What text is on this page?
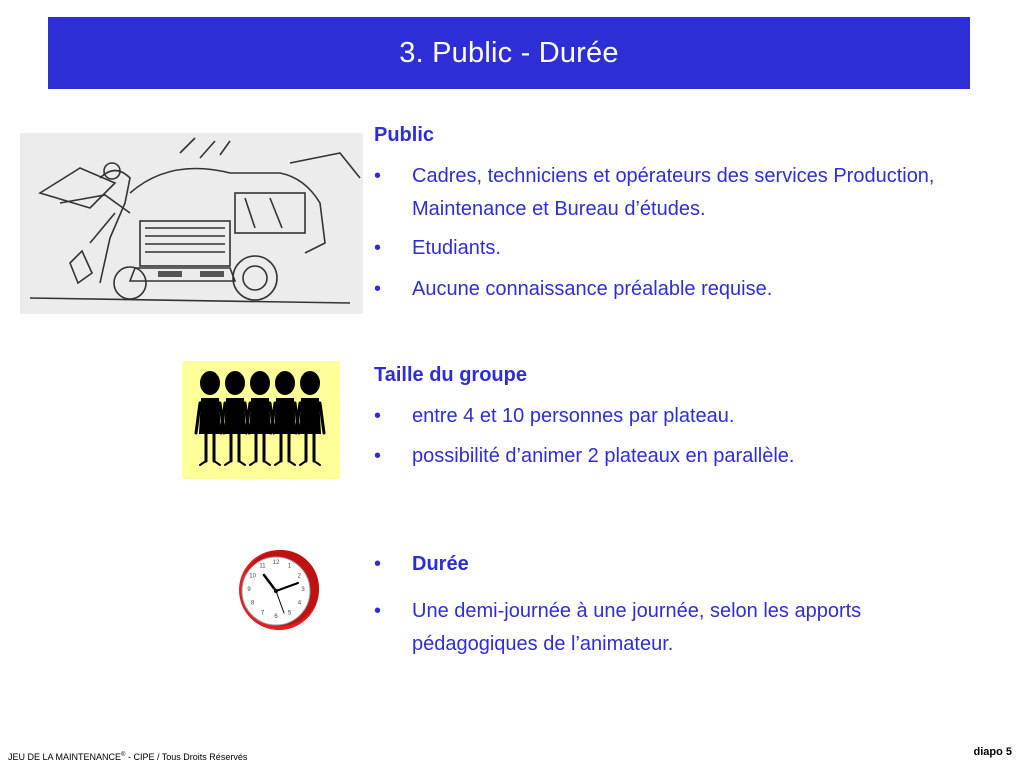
3. Public - Durée
Public
• Cadres, techniciens et opérateurs des services Production, Maintenance et Bureau d’études.
• Etudiants.
• Aucune connaissance préalable requise.
Taille du groupe
• entre 4 et 10 personnes par plateau.
• possibilité d’animer 2 plateaux en parallèle.
12
1
2
3
4
5
6
7
8
9
10
11	• Durée
• Une demi-journée à une journée, selon les apports pédagogiques de l’animateur.
JEU DE LA MAINTENANCE® - CIPE / Tous Droits Réservés	diapo 5
